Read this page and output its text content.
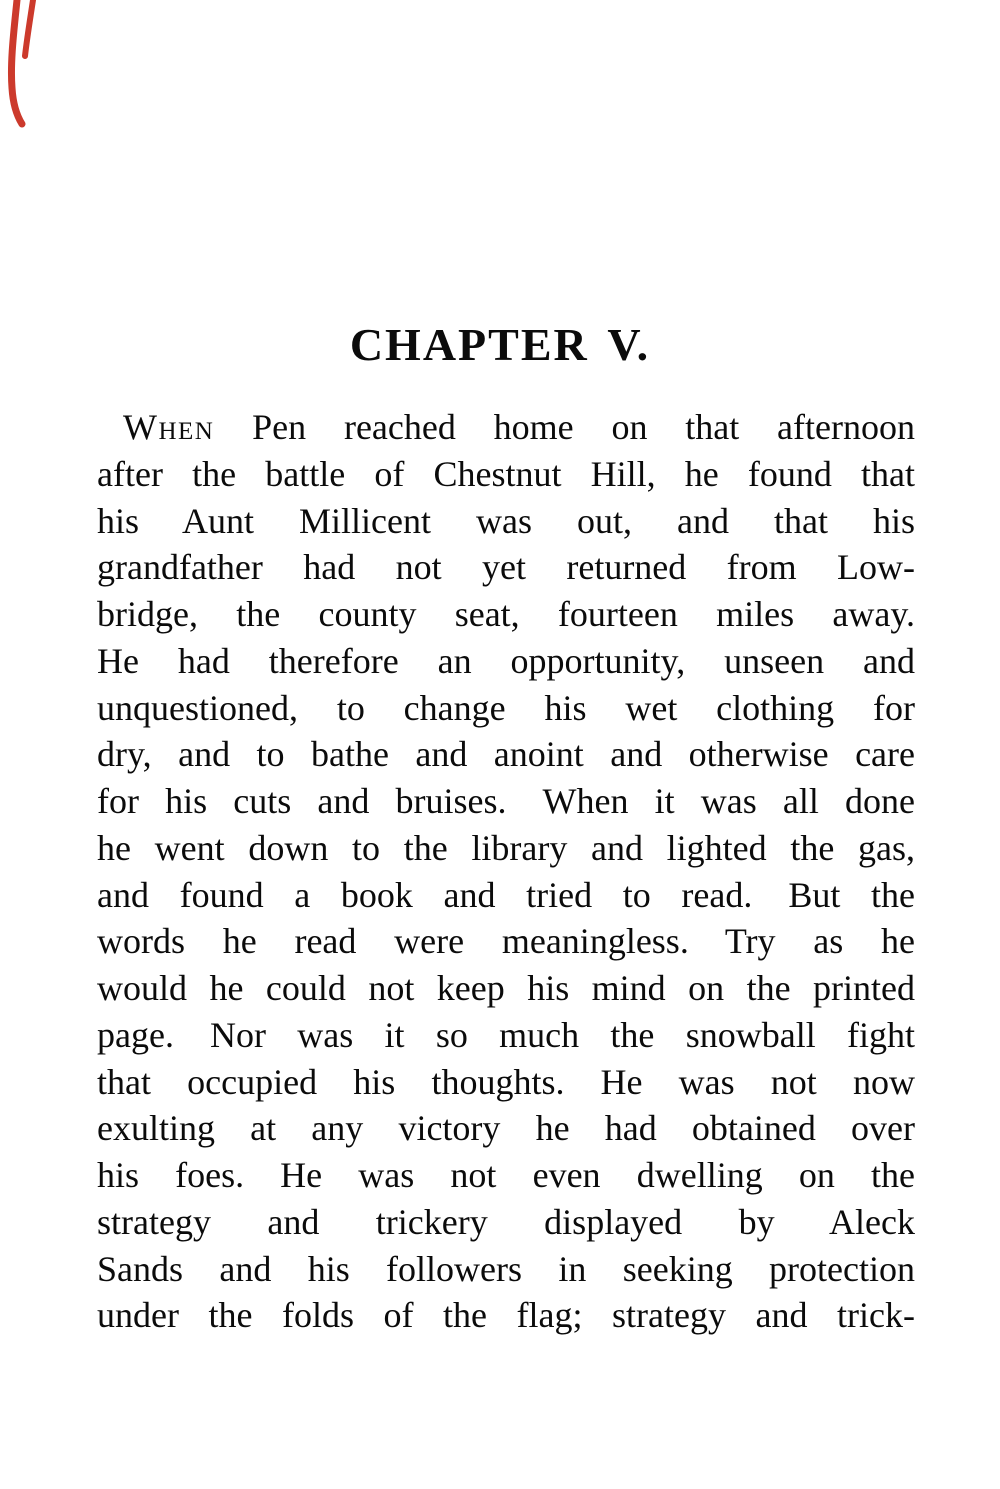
CHAPTER V.
When Pen reached home on that afternoon
after the battle of Chestnut Hill, he found that
his Aunt Millicent was out, and that his
grandfather had not yet returned from Low-
bridge, the county seat, fourteen miles away.
He had therefore an opportunity, unseen and
unquestioned, to change his wet clothing for
dry, and to bathe and anoint and otherwise care
for his cuts and bruises. When it was all done
he went down to the library and lighted the gas,
and found a book and tried to read. But the
words he read were meaningless. Try as he
would he could not keep his mind on the printed
page. Nor was it so much the snowball fight
that occupied his thoughts. He was not now
exulting at any victory he had obtained over
his foes. He was not even dwelling on the
strategy and trickery displayed by Aleck
Sands and his followers in seeking protection
under the folds of the flag; strategy and trick-
